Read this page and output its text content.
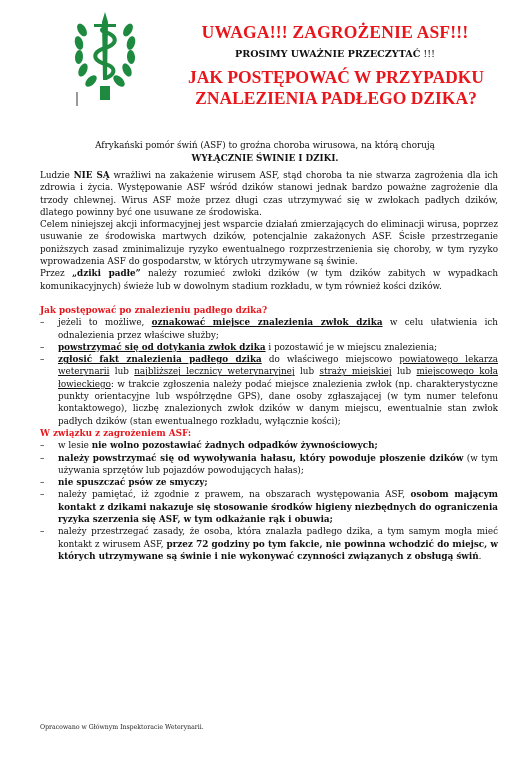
UWAGA!!! ZAGROŻENIE ASF!!!
PROSIMY UWAŻNIE PRZECZYTAĆ !!!
JAK POSTĘPOWAĆ W PRZYPADKU
ZNALEZIENIA PADŁEGO DZIKA?
Afrykański pomór świń (ASF) to groźna choroba wirusowa, na którą chorują
WYŁĄCZNIE ŚWINIE I DZIKI.

Ludzie NIE SĄ wrażliwi na zakażenie wirusem ASF, stąd choroba ta nie stwarza zagrożenia dla ich zdrowia i życia. Występowanie ASF wśród dzików stanowi jednak bardzo poważne zagrożenie dla trzody chlewnej. Wirus ASF może przez długi czas utrzymywać się w zwłokach padłych dzików, dlatego powinny być one usuwane ze środowiska.

Celem niniejszej akcji informacyjnej jest wsparcie działań zmierzających do eliminacji wirusa, poprzez usuwanie ze środowiska martwych dzików, potencjalnie zakażonych ASF. Ścisłe przestrzeganie poniższych zasad zminimalizuje ryzyko ewentualnego rozprzestrzenienia się choroby, w tym ryzyko wprowadzenia ASF do gospodarstw, w których utrzymywane są świnie.

Przez „dziki padłe” należy rozumieć zwłoki dzików (w tym dzików zabitych w wypadkach komunikacyjnych) świeże lub w dowolnym stadium rozkładu, w tym również kości dzików.

Jak postępować po znalezieniu padłego dzika?

– jeżeli to możliwe, oznakować miejsce znalezienia zwłok dzika w celu ułatwienia ich odnalezienia przez właściwe służby;
– powstrzymać się od dotykania zwłok dzika i pozostawić je w miejscu znalezienia;
– zgłosić fakt znalezienia padłego dzika do właściwego miejscowo powiatowego lekarza weterynarii lub najbliższej lecznicy weterynaryjnej lub straży miejskiej lub miejscowego koła łowieckiego: w trakcie zgłoszenia należy podać miejsce znalezienia zwłok (np. charakterystyczne punkty orientacyjne lub współrzędne GPS), dane osoby zgłaszającej (w tym numer telefonu kontaktowego), liczbę znalezionych zwłok dzików w danym miejscu, ewentualnie stan zwłok padłych dzików (stan ewentualnego rozkładu, wyłącznie kości);

W związku z zagrożeniem ASF:

– w lesie nie wolno pozostawiać żadnych odpadków żywnościowych;
– należy powstrzymać się od wywoływania hałasu, który powoduje płoszenie dzików (w tym używania sprzętów lub pojazdów powodujących hałas);
– nie spuszczać psów ze smyczy;
– należy pamiętać, iż zgodnie z prawem, na obszarach występowania ASF, osobom mającym kontakt z dzikami nakazuje się stosowanie środków higieny niezbędnych do ograniczenia ryzyka szerzenia się ASF, w tym odkażanie rąk i obuwia;
– należy przestrzegać zasady, że osoba, która znalazła padłego dzika, a tym samym mogła mieć kontakt z wirusem ASF, przez 72 godziny po tym fakcie, nie powinna wchodzić do miejsc, w których utrzymywane są świnie i nie wykonywać czynności związanych z obsługą świń.
Opracowano w Głównym Inspektoracie Weterynarii.
